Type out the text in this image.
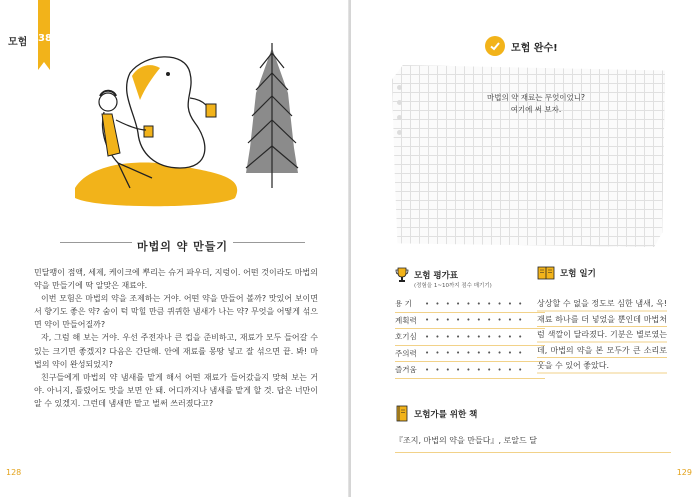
모험 38
마법의 약 만들기

민달팽이 점액, 세제, 케이크에 뿌리는 슈거 파우더, 지렁이. 어떤 것이라도 마법의 약을 만들기에 딱 알맞은 재료야.

이번 모험은 마법의 약을 조제하는 거야. 어떤 약을 만들어 볼까? 맛있어 보이면서 향기도 좋은 약? 숨이 턱 막힐 만큼 퀴퀴한 냄새가 나는 약? 무엇을 어떻게 섞으면 약이 만들어질까?

자, 그럼 해 보는 거야. 우선 주전자나 큰 컵을 준비하고, 재료가 모두 들어갈 수 있는 크기면 좋겠지? 다음은 간단해. 안에 재료를 몽땅 넣고 잘 섞으면 끝. 봐! 마법의 약이 완성되었지?

친구들에게 마법의 약 냄새를 맡게 해서 어떤 재료가 들어갔을지 맞혀 보는 거야. 아니지, 틀렸어도 맛을 보면 안 돼. 어디까지나 냄새를 맡게 할 것. 답은 너만이 알 수 있겠지. 그런데 냄새만 맡고 벌써 쓰러졌다고?

128
모험 완수!
마법의 약 재료는 무엇이었니?
여기에 써 보자.
모험 평가표
(정험을 1~10까지 점수 매기기)
용 기	• • • • • • • • • •
계획력	• • • • • • • • • •
호기심	• • • • • • • • • •
주의력	• • • • • • • • • •
즐거움	• • • • • • • • • •
모험 일기
상상할 수 없을 정도로 심한 냄새, 윽! 재료 하나를 더 넣었을 뿐인데 마법처럼 색깔이 달라졌다. 기분은 별로였는데, 마법의 약을 본 모두가 큰 소리로 웃을 수 있어 좋았다.
모험가를 위한 책
『조지, 마법의 약을 만들다』, 로알드 달
129
